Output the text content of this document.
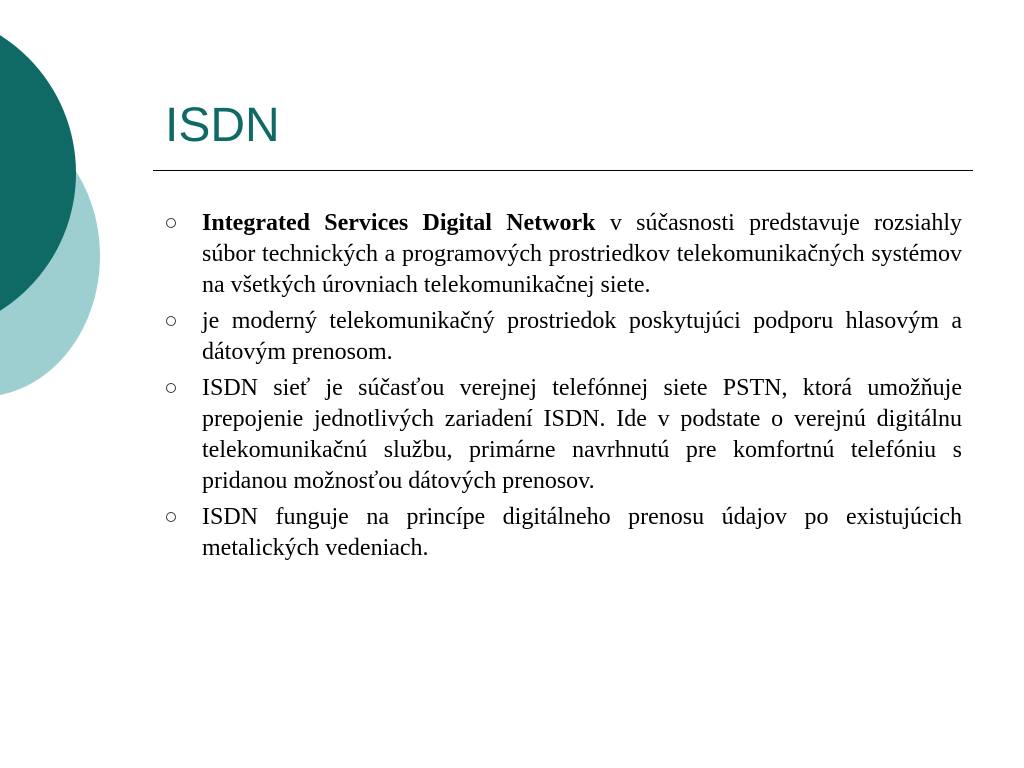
ISDN
Integrated Services Digital Network v súčasnosti predstavuje rozsiahly súbor technických a programových prostriedkov telekomunikačných systémov na všetkých úrovniach telekomunikačnej siete.
je moderný telekomunikačný prostriedok poskytujúci podporu hlasovým a dátovým prenosom.
ISDN sieť je súčasťou verejnej telefónnej siete PSTN, ktorá umožňuje prepojenie jednotlivých zariadení ISDN. Ide v podstate o verejnú digitálnu telekomunikačnú službu, primárne navrhnutú pre komfortnú telefóniu s pridanou možnosťou dátových prenosov.
ISDN funguje na princípe digitálneho prenosu údajov po existujúcich metalických vedeniach.
